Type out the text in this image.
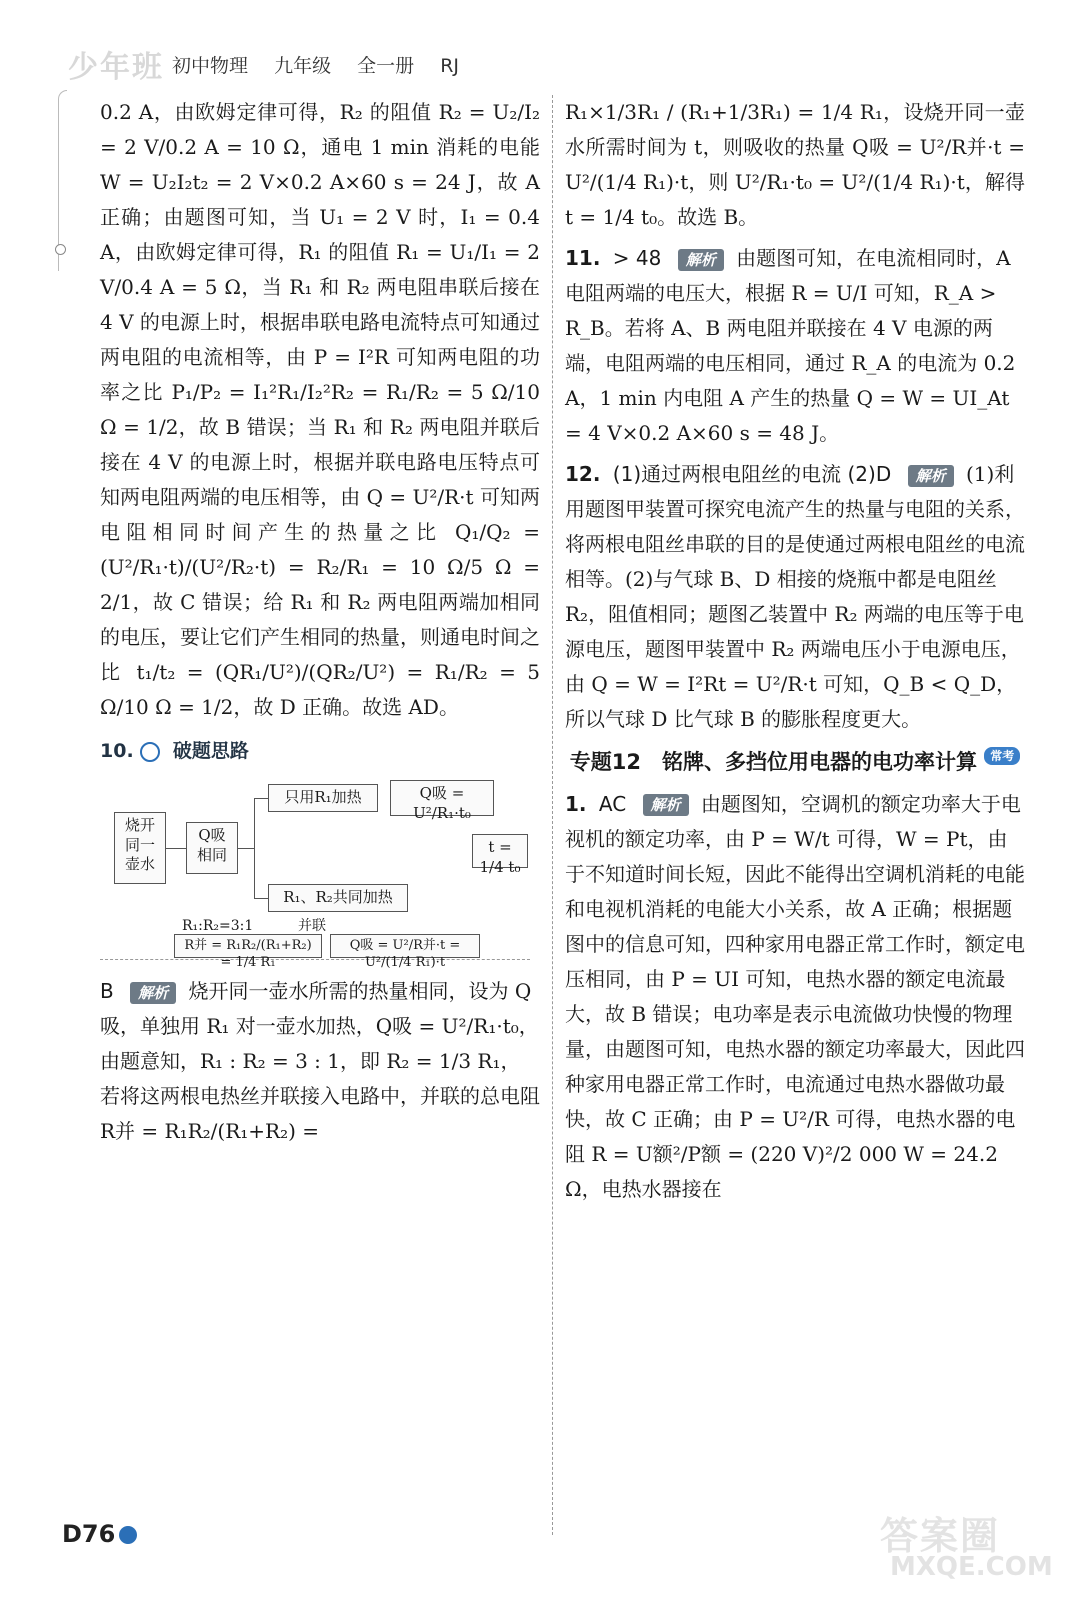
少年班 初中物理 九年级 全一册 RJ

0.2 A，由欧姆定律可得，R₂ 的阻值 R₂ = U₂/I₂ = 2 V/0.2 A = 10 Ω，通电 1 min 消耗的电能 W = U₂I₂t₂ = 2 V×0.2 A×60 s = 24 J，故 A 正确；由题图可知，当 U₁ = 2 V 时，I₁ = 0.4 A，由欧姆定律可得，R₁ 的阻值 R₁ = U₁/I₁ = 2 V/0.4 A = 5 Ω，当 R₁ 和 R₂ 两电阻串联后接在 4 V 的电源上时，根据串联电路电流特点可知通过两电阻的电流相等，由 P = I²R 可知两电阻的功率之比 P₁/P₂ = I₁²R₁/I₂²R₂ = R₁/R₂ = 5 Ω/10 Ω = 1/2，故 B 错误；当 R₁ 和 R₂ 两电阻并联后接在 4 V 的电源上时，根据并联电路电压特点可知两电阻两端的电压相等，由 Q = U²/R·t 可知两电阻相同时间产生的热量之比 Q₁/Q₂ = (U²/R₁·t)/(U²/R₂·t) = R₂/R₁ = 10 Ω/5 Ω = 2/1，故 C 错误；给 R₁ 和 R₂ 两电阻两端加相同的电压，要让它们产生相同的热量，则通电时间之比 t₁/t₂ = (QR₁/U²)/(QR₂/U²) = R₁/R₂ = 5 Ω/10 Ω = 1/2，故 D 正确。故选 AD。

10. 破题思路
烧开同一壶水
Q吸相同
只用R₁加热	Q吸 = U²/R₁·t₀
R₁、R₂共同加热
R₁:R₂=3:1	并联
R并 = R₁R₂/(R₁+R₂) = 1/4 R₁
Q吸 = U²/R并·t = U²/(1/4 R₁)·t
t = 1/4 t₀

B 解析 烧开同一壶水所需的热量相同，设为 Q吸，单独用 R₁ 对一壶水加热，Q吸 = U²/R₁·t₀，由题意知，R₁ : R₂ = 3 : 1，即 R₂ = 1/3 R₁，若将这两根电热丝并联接入电路中，并联的总电阻 R并 = R₁R₂/(R₁+R₂) =

R₁×1/3R₁ / (R₁+1/3R₁) = 1/4 R₁，设烧开同一壶水所需时间为 t，则吸收的热量 Q吸 = U²/R并·t = U²/(1/4 R₁)·t，则 U²/R₁·t₀ = U²/(1/4 R₁)·t，解得 t = 1/4 t₀。故选 B。

11. > 48 解析 由题图可知，在电流相同时，A 电阻两端的电压大，根据 R = U/I 可知，R_A > R_B。若将 A、B 两电阻并联接在 4 V 电源的两端，电阻两端的电压相同，通过 R_A 的电流为 0.2 A，1 min 内电阻 A 产生的热量 Q = W = UI_At = 4 V×0.2 A×60 s = 48 J。

12. (1)通过两根电阻丝的电流 (2)D 解析 (1)利用题图甲装置可探究电流产生的热量与电阻的关系，将两根电阻丝串联的目的是使通过两根电阻丝的电流相等。(2)与气球 B、D 相接的烧瓶中都是电阻丝 R₂，阻值相同；题图乙装置中 R₂ 两端的电压等于电源电压，题图甲装置中 R₂ 两端电压小于电源电压，由 Q = W = I²Rt = U²/R·t 可知，Q_B < Q_D，所以气球 D 比气球 B 的膨胀程度更大。

专题12　铭牌、多挡位用电器的电功率计算 常考

1. AC 解析 由题图知，空调机的额定功率大于电视机的额定功率，由 P = W/t 可得，W = Pt，由于不知道时间长短，因此不能得出空调机消耗的电能和电视机消耗的电能大小关系，故 A 正确；根据题图中的信息可知，四种家用电器正常工作时，额定电压相同，由 P = UI 可知，电热水器的额定电流最大，故 B 错误；电功率是表示电流做功快慢的物理量，由题图可知，电热水器的额定功率最大，因此四种家用电器正常工作时，电流通过电热水器做功最快，故 C 正确；由 P = U²/R 可得，电热水器的电阻 R = U额²/P额 = (220 V)²/2 000 W = 24.2 Ω，电热水器接在

D76	答案圈
MXQE.COM
